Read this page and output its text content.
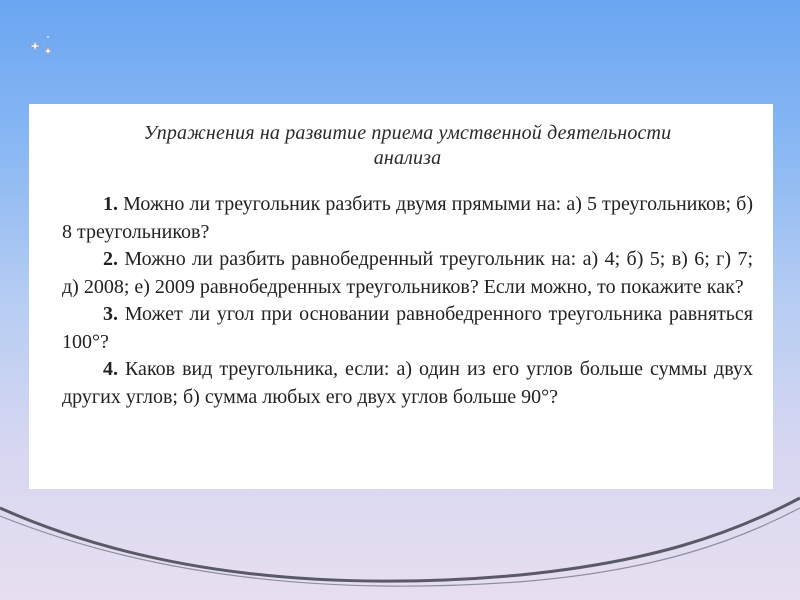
Упражнения на развитие приема умственной деятельности
анализа

1. Можно ли треугольник разбить двумя прямыми на: а) 5 треугольников; б) 8 треугольников?

2. Можно ли разбить равнобедренный треугольник на: а) 4; б) 5; в) 6; г) 7; д) 2008; е) 2009 равнобедренных треугольников? Если можно, то покажите как?

3. Может ли угол при основании равнобедренного треугольника равняться 100°?

4. Каков вид треугольника, если: а) один из его углов больше суммы двух других углов; б) сумма любых его двух углов больше 90°?
